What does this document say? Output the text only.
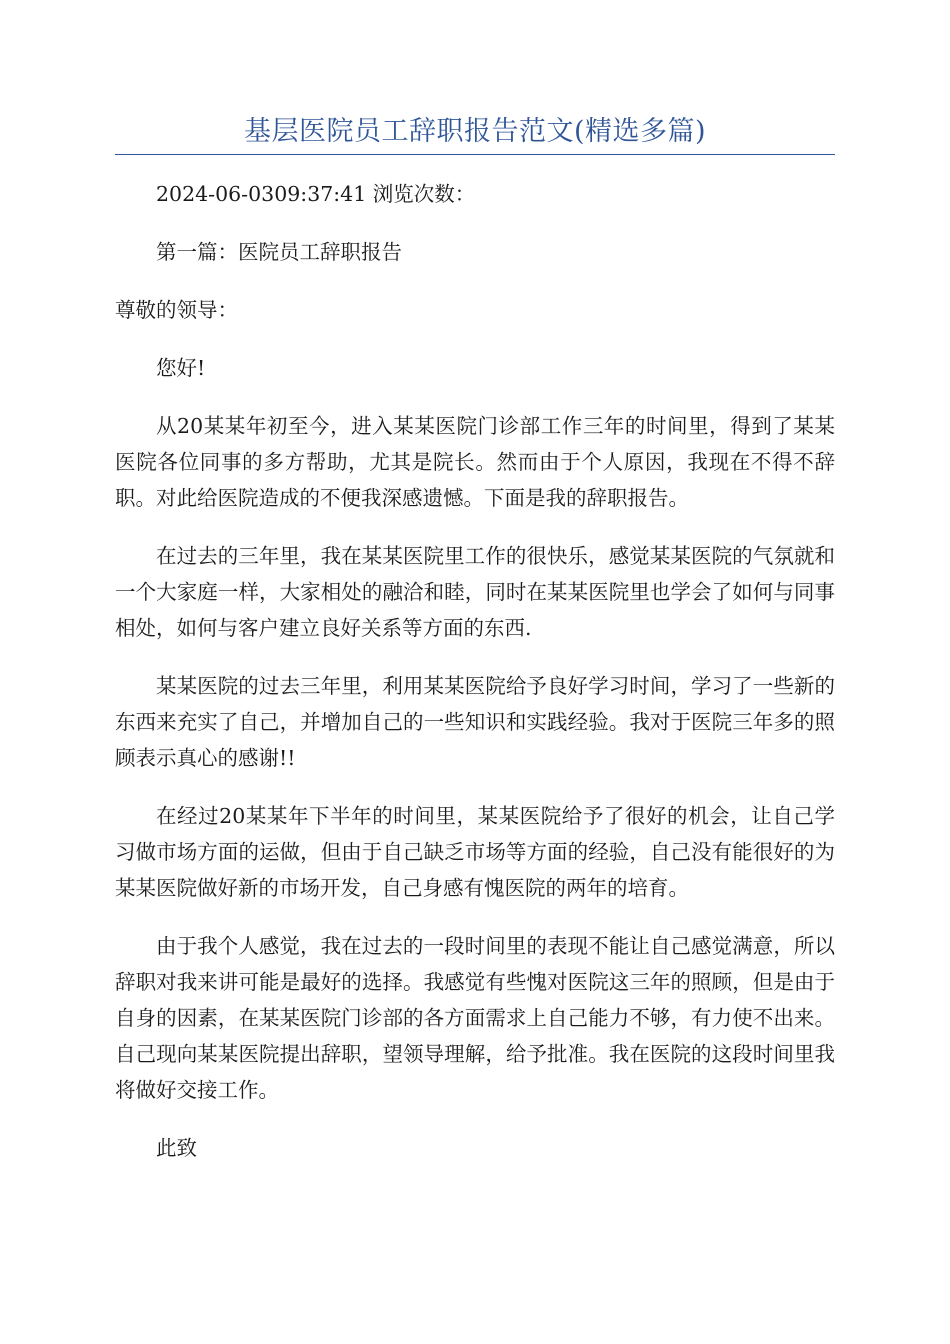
基层医院员工辞职报告范文(精选多篇)

2024-06-0309:37:41 浏览次数：

第一篇：医院员工辞职报告

尊敬的领导：

您好!

从20某某年初至今，进入某某医院门诊部工作三年的时间里，得到了某某医院各位同事的多方帮助，尤其是院长。然而由于个人原因，我现在不得不辞职。对此给医院造成的不便我深感遗憾。下面是我的辞职报告。

在过去的三年里，我在某某医院里工作的很快乐，感觉某某医院的气氛就和一个大家庭一样，大家相处的融洽和睦，同时在某某医院里也学会了如何与同事相处，如何与客户建立良好关系等方面的东西.

某某医院的过去三年里，利用某某医院给予良好学习时间，学习了一些新的东西来充实了自己，并增加自己的一些知识和实践经验。我对于医院三年多的照顾表示真心的感谢!!

在经过20某某年下半年的时间里，某某医院给予了很好的机会，让自己学习做市场方面的运做，但由于自己缺乏市场等方面的经验，自己没有能很好的为某某医院做好新的市场开发，自己身感有愧医院的两年的培育。

由于我个人感觉，我在过去的一段时间里的表现不能让自己感觉满意，所以辞职对我来讲可能是最好的选择。我感觉有些愧对医院这三年的照顾，但是由于自身的因素，在某某医院门诊部的各方面需求上自己能力不够，有力使不出来。自己现向某某医院提出辞职，望领导理解，给予批准。我在医院的这段时间里我将做好交接工作。

此致
